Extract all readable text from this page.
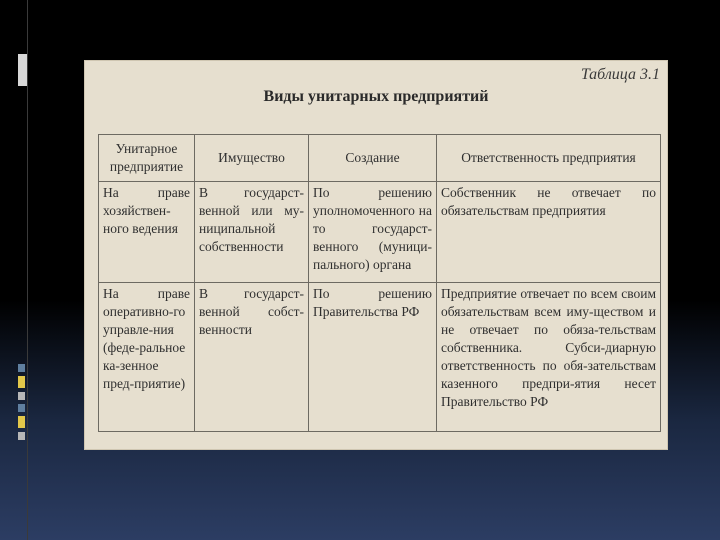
Таблица 3.1
Виды унитарных предприятий
Унитарное предприятие	Имущество	Создание	Ответственность предприятия
На праве хозяйствен-ного ведения	В государст-венной или му-ниципальной собственности	По решению уполномоченного на то государст-венного (муници-пального) органа	Собственник не отвечает по обязательствам предприятия
На праве оперативно-го управле-ния (феде-ральное ка-зенное пред-приятие)	В государст-венной собст-венности	По решению Правительства РФ	Предприятие отвечает по всем своим обязательствам всем иму-ществом и не отвечает по обяза-тельствам собственника. Субси-диарную ответственность по обя-зательствам казенного предпри-ятия несет Правительство РФ
